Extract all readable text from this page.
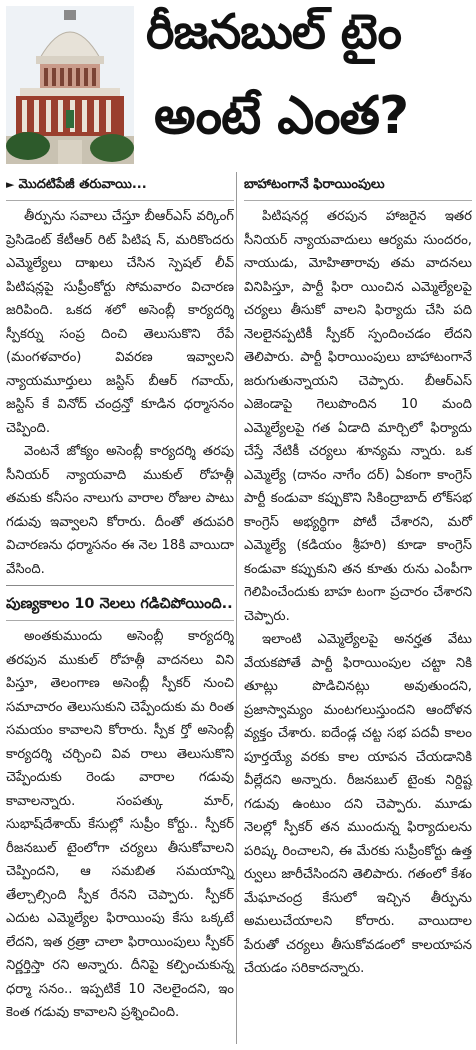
రీజనబుల్ టైం
అంటే ఎంత?
► మొదటిపేజీ తరువాయి...

తీర్పును సవాలు చేస్తూ బీఆర్ఎస్ వర్కింగ్ ప్రెసిడెంట్ కేటీఆర్ రిట్ పిటిష న్, మరికొందరు ఎమ్మెల్యేలు దాఖలు చేసిన స్పెషల్ లీవ్ పిటిషన్లపై సుప్రీంకోర్టు సోమవారం విచారణ జరిపింది. ఒకద శలో అసెంబ్లీ కార్యదర్శి స్పీకర్ను సంప్ర దించి తెలుసుకొని రేపే (మంగళవారం) వివరణ ఇవ్వాలని న్యాయమూర్తులు జస్టిస్ బీఆర్ గవాయ్, జస్టిస్ కే వినోద్ చంద్రన్తో కూడిన ధర్మాసనం చెప్పింది.

వెంటనే జోక్యం అసెంబ్లీ కార్యదర్శి తరపు సీనియర్ న్యాయవాది ముకుల్ రోహత్గీ తమకు కనీసం నాలుగు వారాల రోజుల పాటు గడువు ఇవ్వాలని కోరారు. దీంతో తదుపరి విచారణను ధర్మాసనం ఈ నెల 18కి వాయిదా వేసింది.

పుణ్యకాలం 10 నెలలు గడిచిపోయింది..

అంతకుముందు అసెంబ్లీ కార్యదర్శి తరపున ముకుల్ రోహత్గీ వాదనలు విని పిస్తూ, తెలంగాణ అసెంబ్లీ స్పీకర్ నుంచి సమాచారం తెలుసుకుని చెప్పేందుకు మ రింత సమయం కావాలని కోరారు. స్పీక ర్తో అసెంబ్లీ కార్యదర్శి చర్చించి వివ రాలు తెలుసుకొని చెప్పేందుకు రెండు వారాల గడువు కావాలన్నారు. సంపత్కు మార్, సుభాష్‌దేశాయ్ కేసుల్లో సుప్రీం కోర్టు.. స్పీకర్ రీజనబుల్ టైంలోగా చర్యలు తీసుకోవాలని చెప్పిందని, ఆ సమబిత సమయాన్ని తేల్చాల్సింది స్పీక రేనని చెప్పారు. స్పీకర్ ఎదుట ఎమ్మెల్యేల ఫిరాయింపు కేసు ఒక్కటే లేదని, ఇత ర్రత్రా చాలా ఫిరాయింపులు స్పీకర్ నిర్ణర్తిస్తా రని అన్నారు. దీనిపై కల్పించుకున్న ధర్మా సనం.. ఇప్పటికే 10 నెలలైందని, ఇం కెంత గడువు కావాలని ప్రశ్నించింది.

బాహాటంగానే ఫిరాయింపులు

పిటిషనర్ల తరపున హాజరైన ఇతర సీనియర్ న్యాయవాదులు ఆర్యమ సుందరం, నాయుడు, మోహితారావు తమ వాదనలు వినిపిస్తూ, పార్టీ ఫిరా యించిన ఎమ్మెల్యేలపై చర్యలు తీసుకో వాలని ఫిర్యాదు చేసి పది నెలలైనప్పటికీ స్పీకర్ స్పందించడం లేదని తెలిపారు. పార్టీ ఫిరాయింపులు బాహాటంగానే జరుగుతున్నాయని చెప్పారు. బీఆర్ఎస్ ఎజెండాపై గెలుపొందిన 10 మంది ఎమ్మెల్యేలపై గత ఏడాది మార్చిలో ఫిర్యాదు చేస్తే నేటికీ చర్యలు శూన్యమ న్నారు. ఒక ఎమ్మెల్యే (దానం నాగేం దర్) ఏకంగా కాంగ్రెస్ పార్టీ కండువా కప్పుకొని సికింద్రాబాద్ లోక్‌సభ కాంగ్రెస్ అభ్యర్థిగా పోటీ చేశారని, మరో ఎమ్మెల్యే (కడియం శ్రీహరి) కూడా కాంగ్రెస్ కండువా కప్పుకుని తన కూతు రును ఎంపీగా గెలిపించేందుకు బాహ టంగా ప్రచారం చేశారని చెప్పారు.

ఇలాంటి ఎమ్మెల్యేలపై అనర్హత వేటు వేయకపోతే పార్టీ ఫిరాయింపుల చట్టా నికి తూట్లు పొడిచినట్లు అవుతుందని, ప్రజాస్వామ్యం మంటగలుస్తుందని ఆందోళన వ్యక్తం చేశారు. ఐదేండ్ల చట్ట సభ పదవీ కాలం పూర్తయ్యే వరకు కాల యాపన చేయడానికి వీల్లేదని అన్నారు. రీజనబుల్ టైంకు నిర్దిష్ట గడువు ఉంటుం దని చెప్పారు. మూడు నెలల్లో స్పీకర్ తన ముందున్న ఫిర్యాదులను పరిష్క రించాలని, ఈ మేరకు సుప్రీంకోర్టు ఉత్త ర్వులు జారీచేసిందని తెలిపారు. గతంలో కేశం మేఘాచంద్ర కేసులో ఇచ్చిన తీర్పును అమలుచేయాలని కోరారు. వాయిదాల పేరుతో చర్యలు తీసుకోవడంలో కాలయాపన చేయడం సరికాదన్నారు.
